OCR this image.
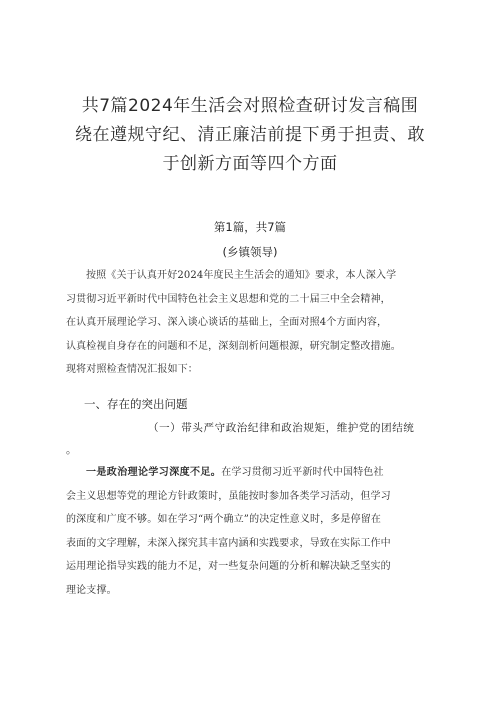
共7篇2024年生活会对照检查研讨发言稿围
绕在遵规守纪、清正廉洁前提下勇于担责、敢
于创新方面等四个方面
第1篇，共7篇
(乡镇领导)
按照《关于认真开好2024年度民主生活会的通知》要求，本人深入学
习贯彻习近平新时代中国特色社会主义思想和党的二十届三中全会精神，
在认真开展理论学习、深入谈心谈话的基础上，全面对照4个方面内容，
认真检视自身存在的问题和不足，深刻剖析问题根源，研究制定整改措施。
现将对照检查情况汇报如下：
一、存在的突出问题
（一）带头严守政治纪律和政治规矩，维护党的团结统
。
一是政治理论学习深度不足。在学习贯彻习近平新时代中国特色社
会主义思想等党的理论方针政策时，虽能按时参加各类学习活动，但学习
的深度和广度不够。如在学习“两个确立”的决定性意义时，多是停留在
表面的文字理解，未深入探究其丰富内涵和实践要求，导致在实际工作中
运用理论指导实践的能力不足，对一些复杂问题的分析和解决缺乏坚实的
理论支撑。
